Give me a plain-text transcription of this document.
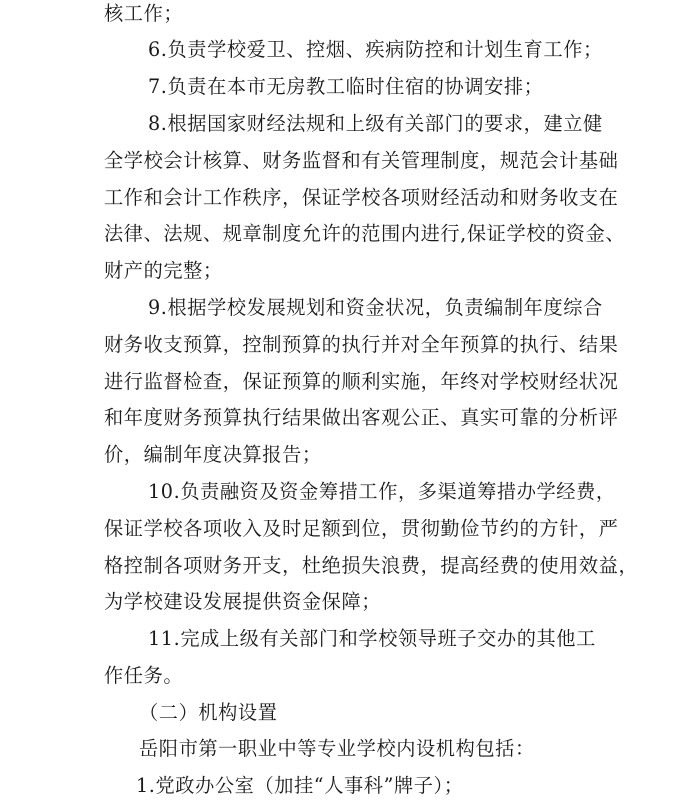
核工作；
6.负责学校爱卫、控烟、疾病防控和计划生育工作；
7.负责在本市无房教工临时住宿的协调安排；
8.根据国家财经法规和上级有关部门的要求，建立健
全学校会计核算、财务监督和有关管理制度，规范会计基础
工作和会计工作秩序，保证学校各项财经活动和财务收支在
法律、法规、规章制度允许的范围内进行,保证学校的资金、
财产的完整；
9.根据学校发展规划和资金状况，负责编制年度综合
财务收支预算，控制预算的执行并对全年预算的执行、结果
进行监督检查，保证预算的顺利实施，年终对学校财经状况
和年度财务预算执行结果做出客观公正、真实可靠的分析评
价，编制年度决算报告；
10.负责融资及资金筹措工作，多渠道筹措办学经费，
保证学校各项收入及时足额到位，贯彻勤俭节约的方针，严
格控制各项财务开支，杜绝损失浪费，提高经费的使用效益，
为学校建设发展提供资金保障；
11.完成上级有关部门和学校领导班子交办的其他工
作任务。
（二）机构设置
岳阳市第一职业中等专业学校内设机构包括：
1.党政办公室（加挂“人事科”牌子）；
